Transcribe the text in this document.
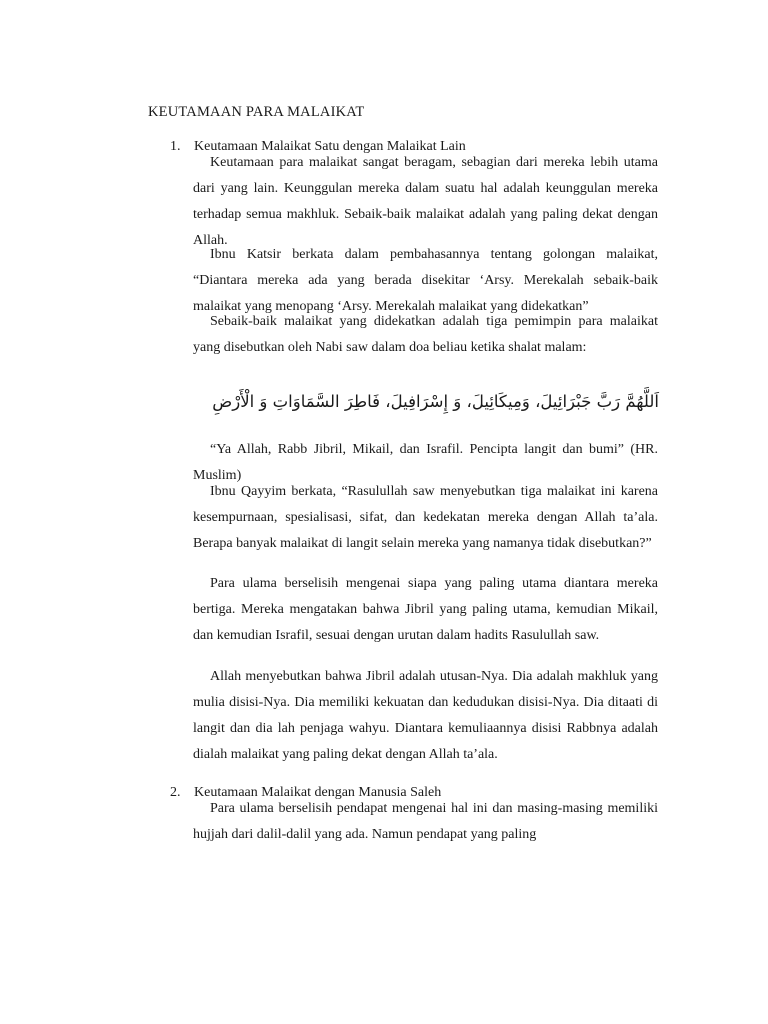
KEUTAMAAN PARA MALAIKAT
1. Keutamaan Malaikat Satu dengan Malaikat Lain

Keutamaan para malaikat sangat beragam, sebagian dari mereka lebih utama dari yang lain. Keunggulan mereka dalam suatu hal adalah keunggulan mereka terhadap semua makhluk. Sebaik-baik malaikat adalah yang paling dekat dengan Allah.

Ibnu Katsir berkata dalam pembahasannya tentang golongan malaikat, “Diantara mereka ada yang berada disekitar ‘Arsy. Merekalah sebaik-baik malaikat yang menopang ‘Arsy. Merekalah malaikat yang didekatkan”

Sebaik-baik malaikat yang didekatkan adalah tiga pemimpin para malaikat yang disebutkan oleh Nabi saw dalam doa beliau ketika shalat malam:

اَللَّهُمَّ رَبَّ جَبْرَائِيلَ، وَمِيكَائِيلَ، وَ إِسْرَافِيلَ، فَاطِرَ السَّمَاوَاتِ وَ الْأَرْضِ

“Ya Allah, Rabb Jibril, Mikail, dan Israfil. Pencipta langit dan bumi” (HR. Muslim)

Ibnu Qayyim berkata, “Rasulullah saw menyebutkan tiga malaikat ini karena kesempurnaan, spesialisasi, sifat, dan kedekatan mereka dengan Allah ta’ala. Berapa banyak malaikat di langit selain mereka yang namanya tidak disebutkan?”

Para ulama berselisih mengenai siapa yang paling utama diantara mereka bertiga. Mereka mengatakan bahwa Jibril yang paling utama, kemudian Mikail, dan kemudian Israfil, sesuai dengan urutan dalam hadits Rasulullah saw.

Allah menyebutkan bahwa Jibril adalah utusan-Nya. Dia adalah makhluk yang mulia disisi-Nya. Dia memiliki kekuatan dan kedudukan disisi-Nya. Dia ditaati di langit dan dia lah penjaga wahyu. Diantara kemuliaannya disisi Rabbnya adalah dialah malaikat yang paling dekat dengan Allah ta’ala.

2. Keutamaan Malaikat dengan Manusia Saleh

Para ulama berselisih pendapat mengenai hal ini dan masing-masing memiliki hujjah dari dalil-dalil yang ada. Namun pendapat yang paling
